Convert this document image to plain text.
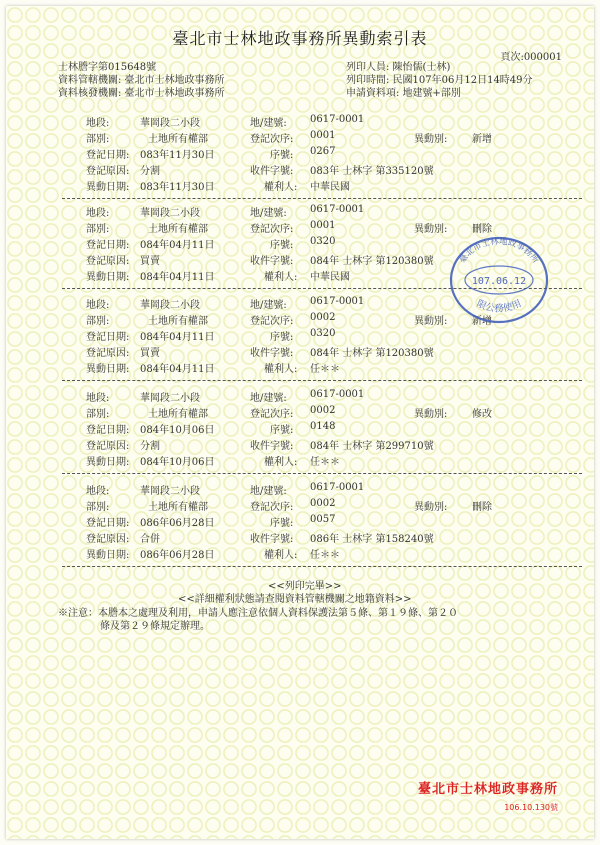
臺北市士林地政事務所異動索引表
頁次:000001
士林謄字第015648號
資料管轄機關: 臺北市士林地政事務所
資料核發機關: 臺北市士林地政事務所
列印人員: 陳怡儒(士林)
列印時間: 民國107年06月12日14時49分
申請資料項: 地建號+部別
地段:	華岡段二小段	地/建號: 0617-0001
部別:	土地所有權部	登記次序: 0001	異動別: 新增
登記日期: 083年11月30日	序號: 0267
登記原因: 分割	收件字號: 083年 士林字 第335120號
異動日期: 083年11月30日	權利人: 中華民國
地段:	華岡段二小段	地/建號: 0617-0001
部別:	土地所有權部	登記次序: 0001	異動別: 刪除
登記日期: 084年04月11日	序號: 0320
登記原因: 買賣	收件字號: 084年 士林字 第120380號
異動日期: 084年04月11日	權利人: 中華民國
地段:	華岡段二小段	地/建號: 0617-0001
部別:	土地所有權部	登記次序: 0002	異動別: 新增
登記日期: 084年04月11日	序號: 0320
登記原因: 買賣	收件字號: 084年 士林字 第120380號
異動日期: 084年04月11日	權利人: 任＊＊
地段:	華岡段二小段	地/建號: 0617-0001
部別:	土地所有權部	登記次序: 0002	異動別: 修改
登記日期: 084年10月06日	序號: 0148
登記原因: 分割	收件字號: 084年 士林字 第299710號
異動日期: 084年10月06日	權利人: 任＊＊
地段:	華岡段二小段	地/建號: 0617-0001
部別:	土地所有權部	登記次序: 0002	異動別: 刪除
登記日期: 086年06月28日	序號: 0057
登記原因: 合併	收件字號: 086年 士林字 第158240號
異動日期: 086年06月28日	權利人: 任＊＊
<<列印完畢>>
<<詳細權利狀態請查閱資料管轄機關之地籍資料>>
※注意：本謄本之處理及利用，申請人應注意依個人資料保護法第５條、第１９條、第２０
條及第２９條規定辦理。
臺北市士林地政事務所
107.06.12
限公務使用
臺北市士林地政事務所
106.10.130號
